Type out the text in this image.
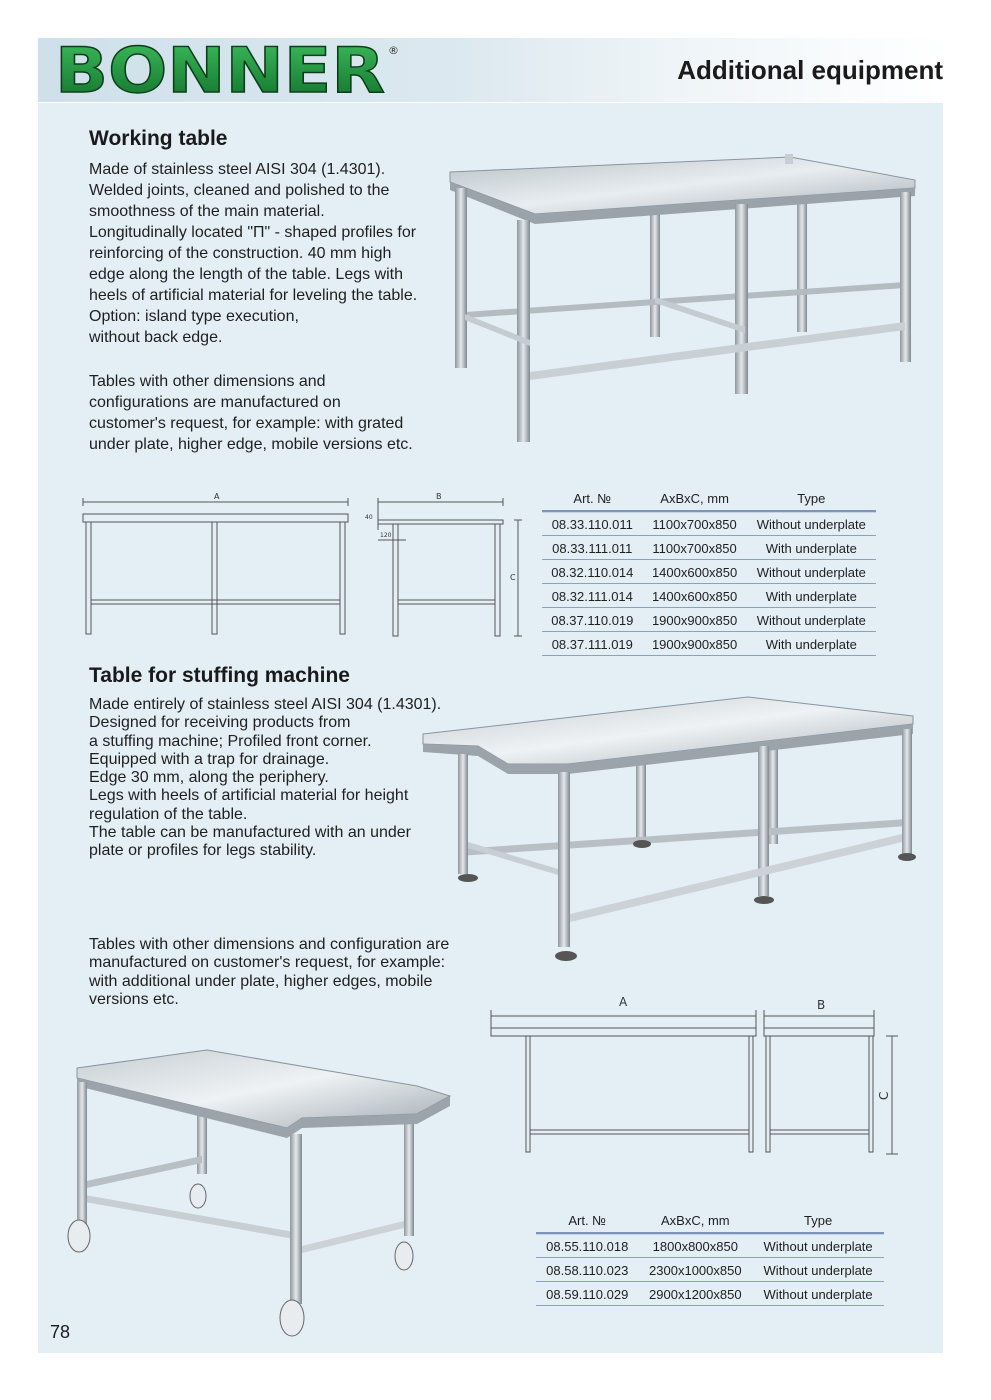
BONNER ®
Additional equipment
Working table

Made of stainless steel AISI 304 (1.4301).

Welded joints, cleaned and polished to the

smoothness of the main material.

Longitudinally located "П" - shaped profiles for

reinforcing of the construction. 40 mm high

edge along the length of the table. Legs with

heels of artificial material for leveling the table.

Option: island type execution,

without back edge.

Tables with other dimensions and

configurations are manufactured on

customer's request, for example: with grated

under plate, higher edge, mobile versions etc.

A	B
C
40
120
Art. №	AxBxC, mm	Type
08.33.110.011	1100x700x850	Without underplate
08.33.111.011	1100x700x850	With underplate
08.32.110.014	1400x600x850	Without underplate
08.32.111.014	1400x600x850	With underplate
08.37.110.019	1900x900x850	Without underplate
08.37.111.019	1900x900x850	With underplate
Table for stuffing machine

Made entirely of stainless steel AISI 304 (1.4301).

Designed for receiving products from

a stuffing machine; Profiled front corner.

Equipped with a trap for drainage.

Edge 30 mm, along the periphery.

Legs with heels of artificial material for height

regulation of the table.

The table can be manufactured with an under

plate or profiles for legs stability.

Tables with other dimensions and configuration are

manufactured on customer's request, for example:

with additional under plate, higher edges, mobile

versions etc.	A	B
C
Art. №	AxBxC, mm	Type
08.55.110.018	1800x800x850	Without underplate
08.58.110.023	2300x1000x850	Without underplate
08.59.110.029	2900x1200x850	Without underplate
78
